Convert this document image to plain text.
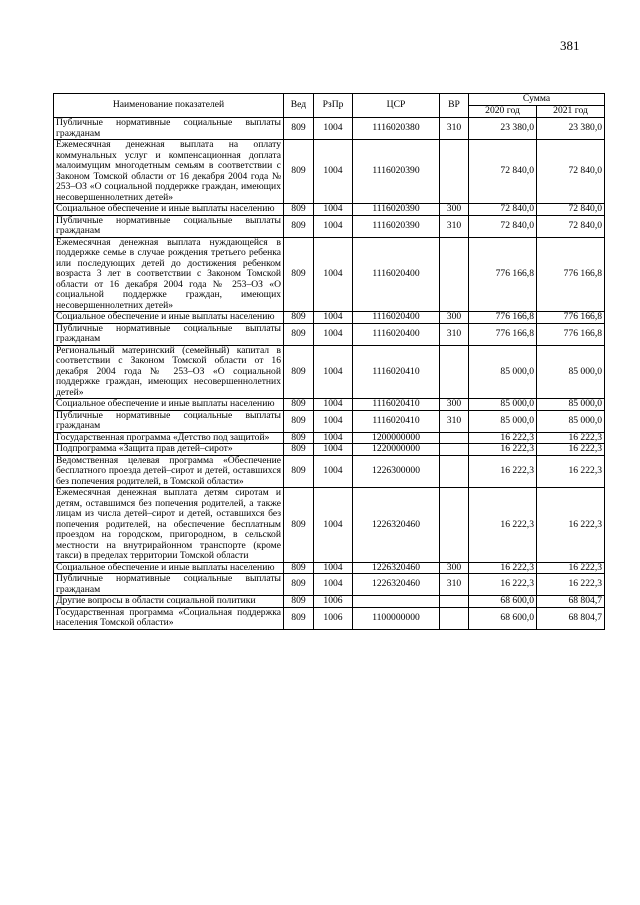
381
Наименование показателей	Вед	РзПр	ЦСР	ВР	Сумма	
					2020 год	2021 год
Публичные нормативные социальные выплаты гражданам	809	1004	1116020380	310	23 380,0	23 380,0
Ежемесячная денежная выплата на оплату коммунальных услуг и компенсационная доплата малоимущим многодетным семьям в соответствии с Законом Томской области от 16 декабря 2004 года № 253–ОЗ «О социальной поддержке граждан, имеющих несовершеннолетних детей»	809	1004	1116020390		72 840,0	72 840,0
Социальное обеспечение и иные выплаты населению	809	1004	1116020390	300	72 840,0	72 840,0
Публичные нормативные социальные выплаты гражданам	809	1004	1116020390	310	72 840,0	72 840,0
Ежемесячная денежная выплата нуждающейся в поддержке семье в случае рождения третьего ребенка или последующих детей до достижения ребенком возраста 3 лет в соответствии с Законом Томской области от 16 декабря 2004 года № 253–ОЗ «О социальной поддержке граждан, имеющих несовершеннолетних детей»	809	1004	1116020400		776 166,8	776 166,8
Социальное обеспечение и иные выплаты населению	809	1004	1116020400	300	776 166,8	776 166,8
Публичные нормативные социальные выплаты гражданам	809	1004	1116020400	310	776 166,8	776 166,8
Региональный материнский (семейный) капитал в соответствии с Законом Томской области от 16 декабря 2004 года № 253–ОЗ «О социальной поддержке граждан, имеющих несовершеннолетних детей»	809	1004	1116020410		85 000,0	85 000,0
Социальное обеспечение и иные выплаты населению	809	1004	1116020410	300	85 000,0	85 000,0
Публичные нормативные социальные выплаты гражданам	809	1004	1116020410	310	85 000,0	85 000,0
Государственная программа «Детство под защитой»	809	1004	1200000000		16 222,3	16 222,3
Подпрограмма «Защита прав детей–сирот»	809	1004	1220000000		16 222,3	16 222,3
Ведомственная целевая программа «Обеспечение бесплатного проезда детей–сирот и детей, оставшихся без попечения родителей, в Томской области»	809	1004	1226300000		16 222,3	16 222,3
Ежемесячная денежная выплата детям сиротам и детям, оставшимся без попечения родителей, а также лицам из числа детей–сирот и детей, оставшихся без попечения родителей, на обеспечение бесплатным проездом на городском, пригородном, в сельской местности на внутрирайонном транспорте (кроме такси) в пределах территории Томской области	809	1004	1226320460		16 222,3	16 222,3
Социальное обеспечение и иные выплаты населению	809	1004	1226320460	300	16 222,3	16 222,3
Публичные нормативные социальные выплаты гражданам	809	1004	1226320460	310	16 222,3	16 222,3
Другие вопросы в области социальной политики	809	1006			68 600,0	68 804,7
Государственная программа «Социальная поддержка населения Томской области»	809	1006	1100000000		68 600,0	68 804,7
